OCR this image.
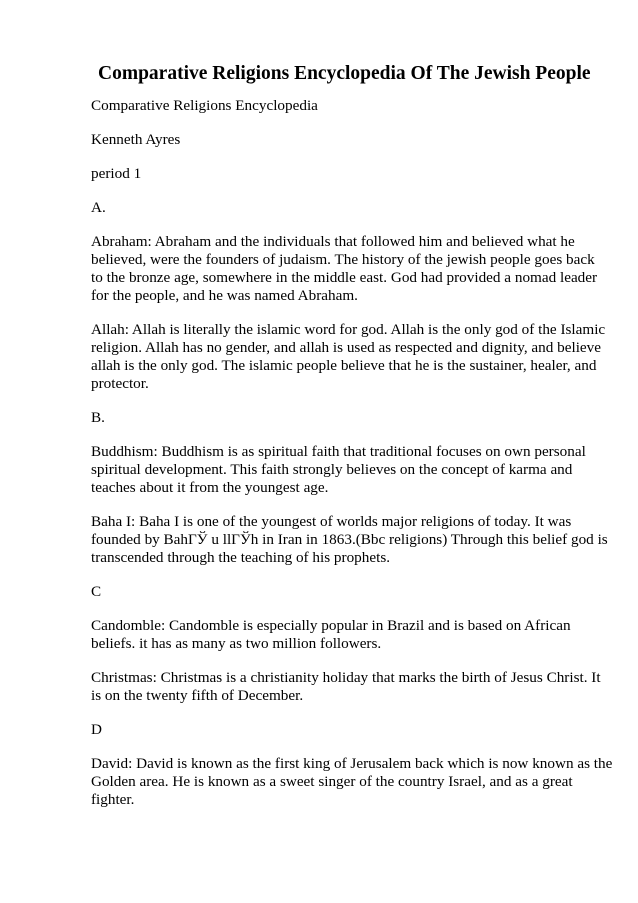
Comparative Religions Encyclopedia Of The Jewish People
Comparative Religions Encyclopedia
Kenneth Ayres
period 1
A.
Abraham: Abraham and the individuals that followed him and believed what he
believed, were the founders of judaism. The history of the jewish people goes back
to the bronze age, somewhere in the middle east. God had provided a nomad leader
for the people, and he was named Abraham.
Allah: Allah is literally the islamic word for god. Allah is the only god of the Islamic
religion. Allah has no gender, and allah is used as respected and dignity, and believe
allah is the only god. The islamic people believe that he is the sustainer, healer, and
protector.
B.
Buddhism: Buddhism is as spiritual faith that traditional focuses on own personal
spiritual development. This faith strongly believes on the concept of karma and
teaches about it from the youngest age.
Baha I: Baha I is one of the youngest of worlds major religions of today. It was
founded by BahГЎ u llГЎh in Iran in 1863.(Bbc religions) Through this belief god is
transcended through the teaching of his prophets.
C
Candomble: Candomble is especially popular in Brazil and is based on African
beliefs. it has as many as two million followers.
Christmas: Christmas is a christianity holiday that marks the birth of Jesus Christ. It
is on the twenty fifth of December.
D
David: David is known as the first king of Jerusalem back which is now known as the
Golden area. He is known as a sweet singer of the country Israel, and as a great
fighter.
